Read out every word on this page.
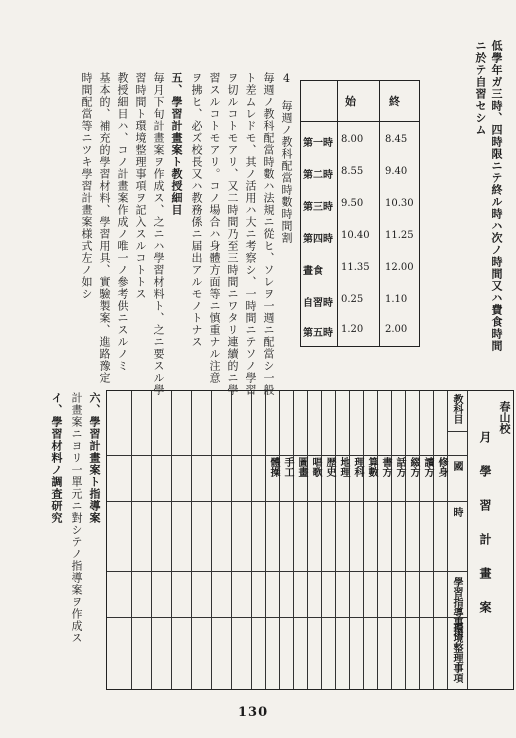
低學年ガ三時、四時限ニテ終ル時ハ次ノ時間又ハ費食時間
ニ於テ自習セシム
始	終
第一時 8.00 8.45
第二時 8.55 9.40
第三時 9.50 10.30
第四時 10.40 11.25
晝食 11.35 12.00
自習時 0.25 1.10
第五時 1.20 2.00
4 毎週ノ教科配當時數時間割
毎週ノ教科配當時數ハ法規ニ從ヒ、ソレヲ一週ニ配當シ一般
ト差ムレドモ、其ノ活用ハ大ニ考察シ、一時間ニテソノ學習
ヲ切ルコトモアリ、又二時間乃至三時間ニワタリ連續的ニ學
習スルコトモアリ。コノ場合ハ身體方面等ニ慎重ナル注意
ヲ拂ヒ、必ズ校長又ハ教務係ニ届出アルモノトナス
五、學習計畫案ト教授細目
毎月下旬計畫案ヲ作成ス、之ニハ學習材料ト、之ニ要スル學
習時間ト環境整理事項ヲ記入スルコトトス
教授細目ハ、コノ計畫案作成ノ唯一ノ參考供ニスルノミ
基本的、補充的學習材料、學習用具、實驗製案、進路豫定
時間配當等ニツキ學習計畫案様式左ノ如シ
六、學習計畫案ト指導案
計畫案ニヨリ一單元ニ對シテノ指導案ヲ作成ス
イ、學習材料ノ調査研究	春山校
月 學 習 計 畫 案
教科目
國
時
學習指導事項
環境整理事項
修身
讀方
綴方
話方
書方
算數
理科
地理
歴史
唱歌
圖畫
手工
體操
130
